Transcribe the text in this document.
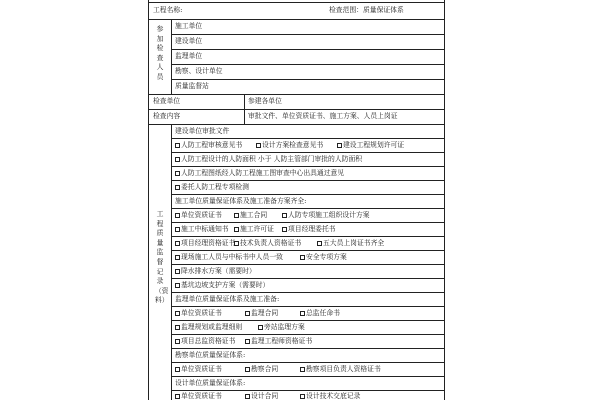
工程名称:	检查范围：质量保证体系
参加检查人员
施工单位
建设单位
监理单位
勘察、设计单位
质量监督站
检查单位	参建各单位
检查内容	审批文件、单位资质证书、施工方案、人员上岗证
工程质量监督记录（资料）
建设单位审批文件
人防工程审核意见书	设计方案检查意见书	建设工程规划许可证
人防工程设计的人防面积 小于 人防主管部门审批的人防面积
人防工程图纸经人防工程施工图审查中心出具通过意见
委托人防工程专项检测
施工单位质量保证体系及施工准备方案齐全:
单位资质证书	施工合同	人防专项施工组织设计方案
施工中标通知书	施工许可证	项目经理委托书
项目经理资格证书 技术负责人资格证书	五大员上岗证书齐全
现场施工人员与中标书中人员一致	安全专项方案
降水排水方案（需要时）
基坑边坡支护方案（需要时）
监理单位质量保证体系及施工准备:
单位资质证书	监理合同	总监任命书
监理规划或监理细则	旁站监理方案
项目总监资格证书	监理工程师资格证书
勘察单位质量保证体系:
单位资质证书	勘察合同	勘察项目负责人资格证书
设计单位质量保证体系:
单位资质证书	设计合同	设计技术交底记录
